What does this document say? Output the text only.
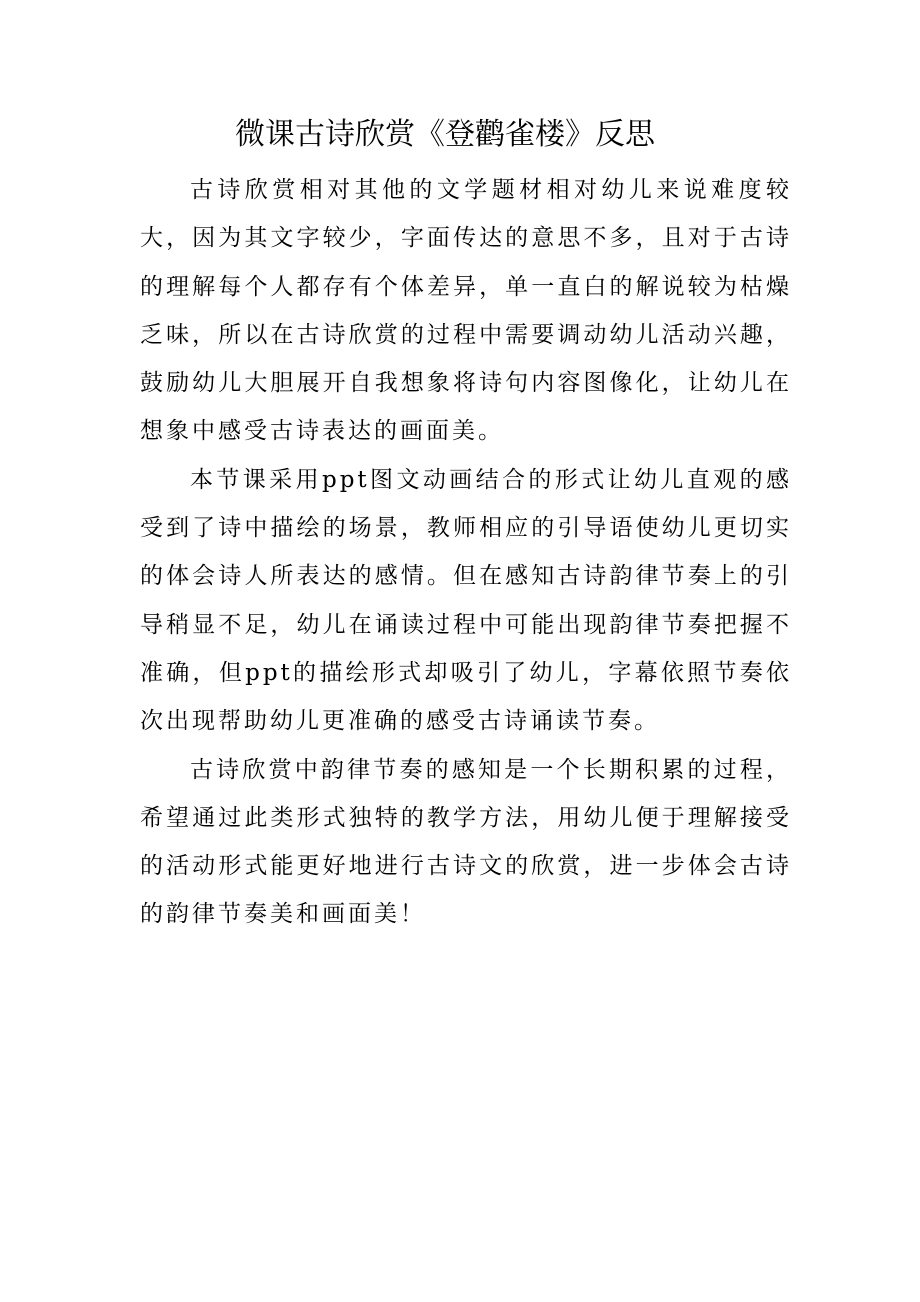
微课古诗欣赏《登鹳雀楼》反思

古诗欣赏相对其他的文学题材相对幼儿来说难度较大，因为其文字较少，字面传达的意思不多，且对于古诗的理解每个人都存有个体差异，单一直白的解说较为枯燥乏味，所以在古诗欣赏的过程中需要调动幼儿活动兴趣，鼓励幼儿大胆展开自我想象将诗句内容图像化，让幼儿在想象中感受古诗表达的画面美。

本节课采用ppt图文动画结合的形式让幼儿直观的感受到了诗中描绘的场景，教师相应的引导语使幼儿更切实的体会诗人所表达的感情。但在感知古诗韵律节奏上的引导稍显不足，幼儿在诵读过程中可能出现韵律节奏把握不准确，但ppt的描绘形式却吸引了幼儿，字幕依照节奏依次出现帮助幼儿更准确的感受古诗诵读节奏。

古诗欣赏中韵律节奏的感知是一个长期积累的过程，希望通过此类形式独特的教学方法，用幼儿便于理解接受的活动形式能更好地进行古诗文的欣赏，进一步体会古诗的韵律节奏美和画面美！
